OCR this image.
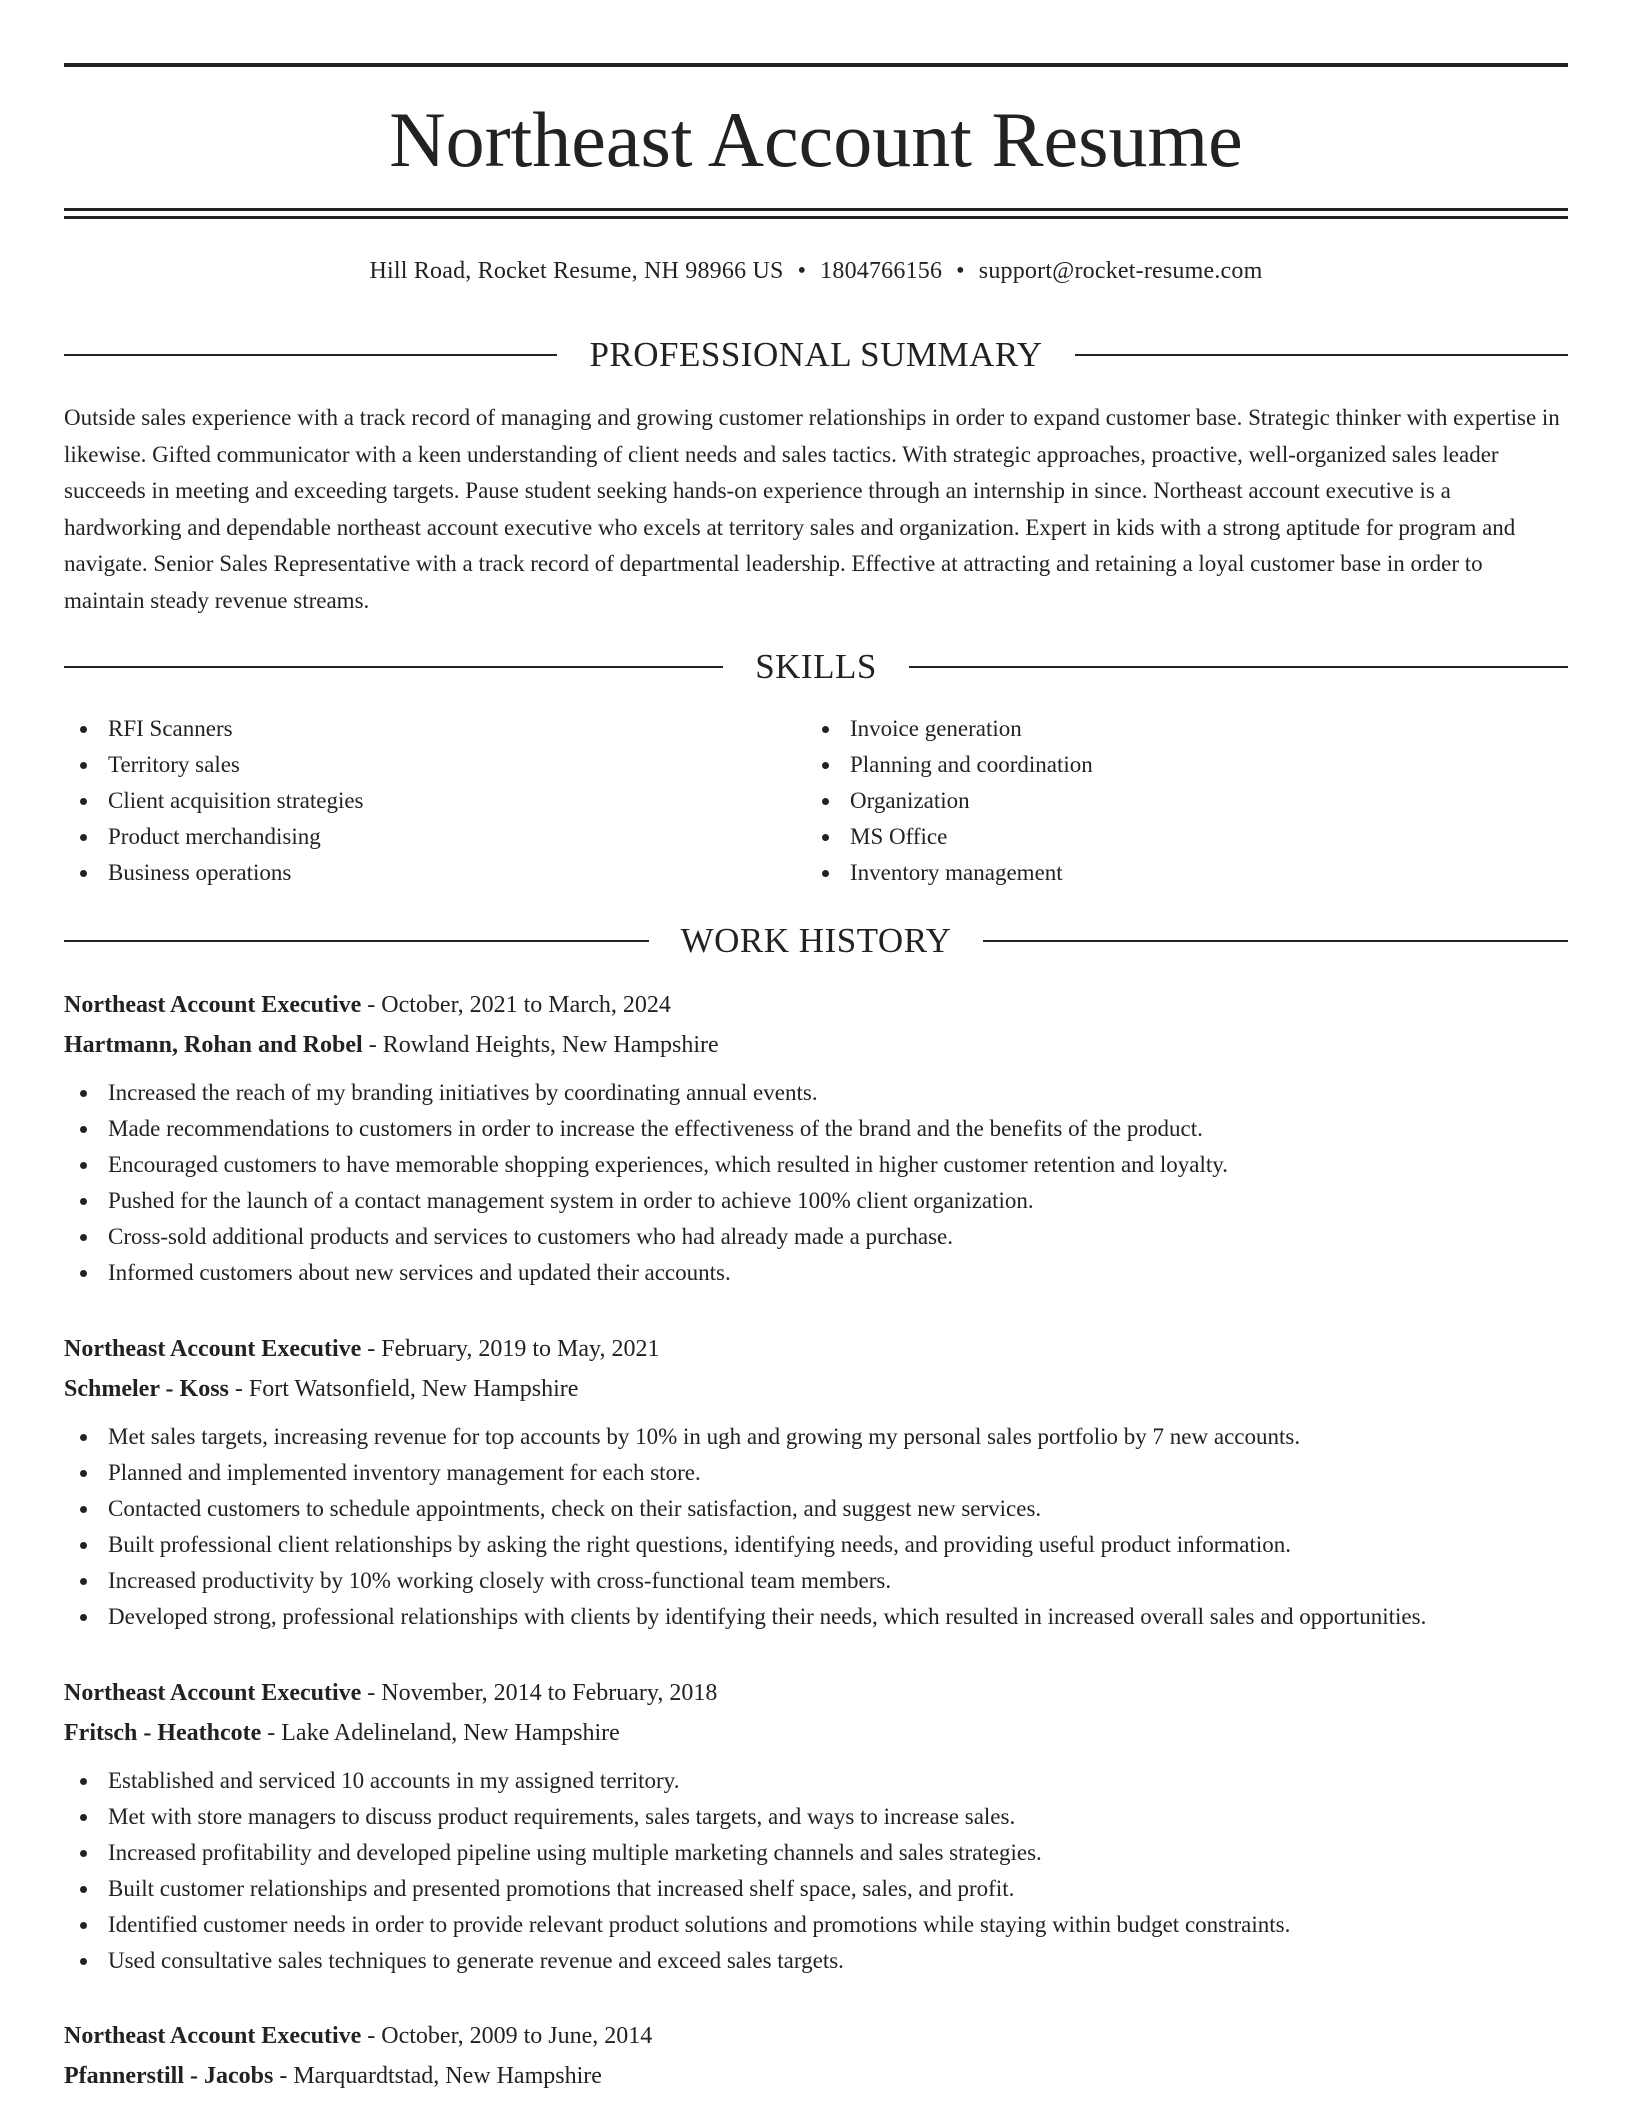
Northeast Account Resume
Hill Road, Rocket Resume, NH 98966 US • 1804766156 • support@rocket-resume.com
PROFESSIONAL SUMMARY

Outside sales experience with a track record of managing and growing customer relationships in order to expand customer base. Strategic thinker with expertise in likewise. Gifted communicator with a keen understanding of client needs and sales tactics. With strategic approaches, proactive, well-organized sales leader succeeds in meeting and exceeding targets. Pause student seeking hands-on experience through an internship in since. Northeast account executive is a hardworking and dependable northeast account executive who excels at territory sales and organization. Expert in kids with a strong aptitude for program and navigate. Senior Sales Representative with a track record of departmental leadership. Effective at attracting and retaining a loyal customer base in order to maintain steady revenue streams.

SKILLS
RFI Scanners
Territory sales
Client acquisition strategies
Product merchandising
Business operations
Invoice generation
Planning and coordination
Organization
MS Office
Inventory management
WORK HISTORY
Northeast Account Executive - October, 2021 to March, 2024
Hartmann, Rohan and Robel - Rowland Heights, New Hampshire
Increased the reach of my branding initiatives by coordinating annual events.
Made recommendations to customers in order to increase the effectiveness of the brand and the benefits of the product.
Encouraged customers to have memorable shopping experiences, which resulted in higher customer retention and loyalty.
Pushed for the launch of a contact management system in order to achieve 100% client organization.
Cross-sold additional products and services to customers who had already made a purchase.
Informed customers about new services and updated their accounts.
Northeast Account Executive - February, 2019 to May, 2021
Schmeler - Koss - Fort Watsonfield, New Hampshire
Met sales targets, increasing revenue for top accounts by 10% in ugh and growing my personal sales portfolio by 7 new accounts.
Planned and implemented inventory management for each store.
Contacted customers to schedule appointments, check on their satisfaction, and suggest new services.
Built professional client relationships by asking the right questions, identifying needs, and providing useful product information.
Increased productivity by 10% working closely with cross-functional team members.
Developed strong, professional relationships with clients by identifying their needs, which resulted in increased overall sales and opportunities.
Northeast Account Executive - November, 2014 to February, 2018
Fritsch - Heathcote - Lake Adelineland, New Hampshire
Established and serviced 10 accounts in my assigned territory.
Met with store managers to discuss product requirements, sales targets, and ways to increase sales.
Increased profitability and developed pipeline using multiple marketing channels and sales strategies.
Built customer relationships and presented promotions that increased shelf space, sales, and profit.
Identified customer needs in order to provide relevant product solutions and promotions while staying within budget constraints.
Used consultative sales techniques to generate revenue and exceed sales targets.
Northeast Account Executive - October, 2009 to June, 2014
Pfannerstill - Jacobs - Marquardtstad, New Hampshire
